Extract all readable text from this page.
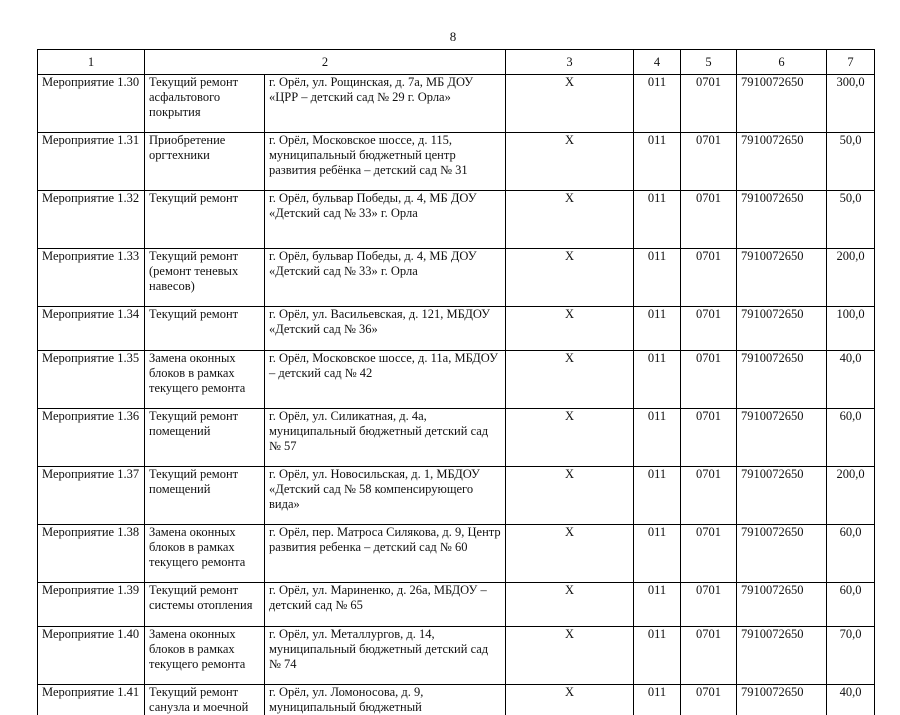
8
1	2		3	4	5	6	7
Мероприятие 1.30	Текущий ремонт асфальтового покрытия	г. Орёл, ул. Рощинская, д. 7а, МБ ДОУ «ЦРР – детский сад № 29 г. Орла»	Х	011	0701	7910072650	300,0
Мероприятие 1.31	Приобретение оргтехники	г. Орёл, Московское шоссе, д. 115, муниципальный бюджетный центр развития ребёнка – детский сад № 31	Х	011	0701	7910072650	50,0
Мероприятие 1.32	Текущий ремонт	г. Орёл, бульвар Победы, д. 4, МБ ДОУ «Детский сад № 33» г. Орла	Х	011	0701	7910072650	50,0
Мероприятие 1.33	Текущий ремонт (ремонт теневых навесов)	г. Орёл, бульвар Победы, д. 4, МБ ДОУ «Детский сад № 33» г. Орла	Х	011	0701	7910072650	200,0
Мероприятие 1.34	Текущий ремонт	г. Орёл, ул. Васильевская, д. 121, МБДОУ «Детский сад № 36»	Х	011	0701	7910072650	100,0
Мероприятие 1.35	Замена оконных блоков в рамках текущего ремонта	г. Орёл, Московское шоссе, д. 11а, МБДОУ – детский сад № 42	Х	011	0701	7910072650	40,0
Мероприятие 1.36	Текущий ремонт помещений	г. Орёл, ул. Силикатная, д. 4а, муниципальный бюджетный детский сад № 57	Х	011	0701	7910072650	60,0
Мероприятие 1.37	Текущий ремонт помещений	г. Орёл, ул. Новосильская, д. 1, МБДОУ «Детский сад № 58 компенсирующего вида»	Х	011	0701	7910072650	200,0
Мероприятие 1.38	Замена оконных блоков в рамках текущего ремонта	г. Орёл, пер. Матроса Силякова, д. 9, Центр развития ребенка – детский сад № 60	Х	011	0701	7910072650	60,0
Мероприятие 1.39	Текущий ремонт системы отопления	г. Орёл, ул. Мариненко, д. 26а, МБДОУ – детский сад № 65	Х	011	0701	7910072650	60,0
Мероприятие 1.40	Замена оконных блоков в рамках текущего ремонта	г. Орёл, ул. Металлургов, д. 14, муниципальный бюджетный детский сад № 74	Х	011	0701	7910072650	70,0
Мероприятие 1.41	Текущий ремонт санузла и моечной	г. Орёл, ул. Ломоносова, д. 9, муниципальный бюджетный	Х	011	0701	7910072650	40,0
